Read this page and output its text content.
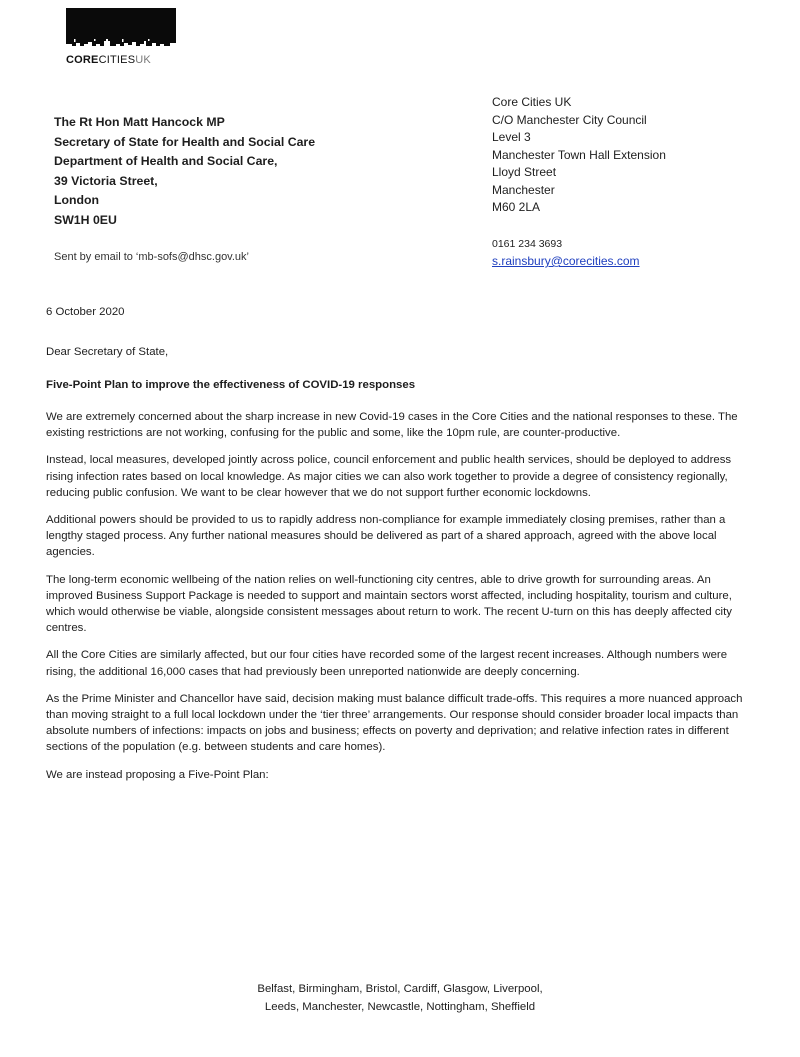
CORECITIESUK
The Rt Hon Matt Hancock MP
Secretary of State for Health and Social Care
Department of Health and Social Care,
39 Victoria Street,
London
SW1H 0EU
Sent by email to ‘mb-sofs@dhsc.gov.uk’
Core Cities UK
C/O Manchester City Council
Level 3
Manchester Town Hall Extension
Lloyd Street
Manchester
M60 2LA
0161 234 3693
s.rainsbury@corecities.com
6 October 2020
Dear Secretary of State,
Five-Point Plan to improve the effectiveness of COVID-19 responses

We are extremely concerned about the sharp increase in new Covid-19 cases in the Core Cities and the national responses to these. The existing restrictions are not working, confusing for the public and some, like the 10pm rule, are counter-productive.

Instead, local measures, developed jointly across police, council enforcement and public health services, should be deployed to address rising infection rates based on local knowledge. As major cities we can also work together to provide a degree of consistency regionally, reducing public confusion. We want to be clear however that we do not support further economic lockdowns.

Additional powers should be provided to us to rapidly address non-compliance for example immediately closing premises, rather than a lengthy staged process. Any further national measures should be delivered as part of a shared approach, agreed with the above local agencies.

The long-term economic wellbeing of the nation relies on well-functioning city centres, able to drive growth for surrounding areas. An improved Business Support Package is needed to support and maintain sectors worst affected, including hospitality, tourism and culture, which would otherwise be viable, alongside consistent messages about return to work. The recent U-turn on this has deeply affected city centres.

All the Core Cities are similarly affected, but our four cities have recorded some of the largest recent increases. Although numbers were rising, the additional 16,000 cases that had previously been unreported nationwide are deeply concerning.

As the Prime Minister and Chancellor have said, decision making must balance difficult trade-offs. This requires a more nuanced approach than moving straight to a full local lockdown under the ‘tier three’ arrangements. Our response should consider broader local impacts than absolute numbers of infections: impacts on jobs and business; effects on poverty and deprivation; and relative infection rates in different sections of the population (e.g. between students and care homes).

We are instead proposing a Five-Point Plan:

Belfast, Birmingham, Bristol, Cardiff, Glasgow, Liverpool,
Leeds, Manchester, Newcastle, Nottingham, Sheffield
